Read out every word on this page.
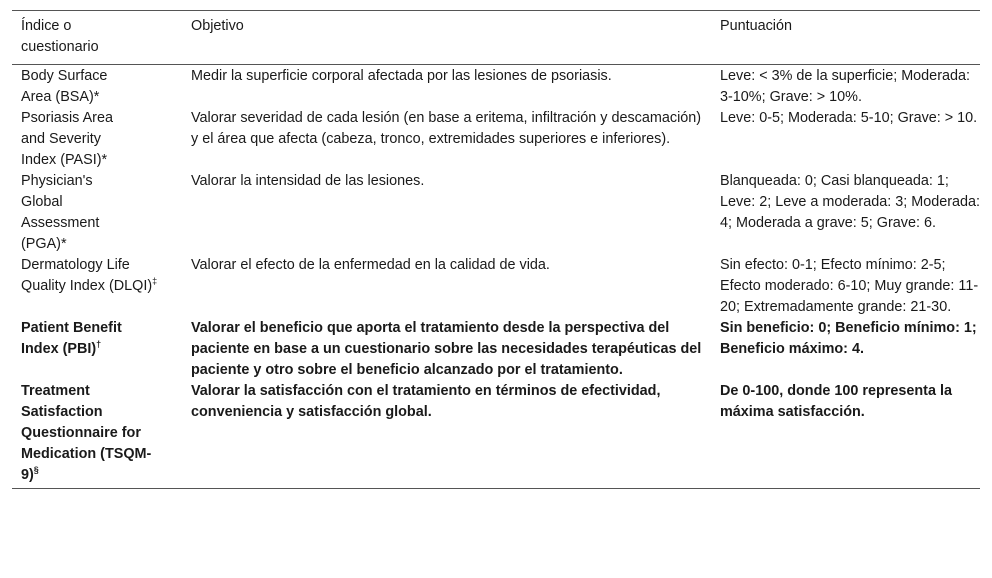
Índice o cuestionario	Objetivo	Puntuación
Body Surface Area (BSA)*	Medir la superficie corporal afectada por las lesiones de psoriasis.	Leve: < 3% de la superficie; Moderada: 3-10%; Grave: > 10%.
Psoriasis Area and Severity Index (PASI)*	Valorar severidad de cada lesión (en base a eritema, infiltración y descamación) y el área que afecta (cabeza, tronco, extremidades superiores e inferiores).	Leve: 0-5; Moderada: 5-10; Grave: > 10.
Physician's Global Assessment (PGA)*	Valorar la intensidad de las lesiones.	Blanqueada: 0; Casi blanqueada: 1; Leve: 2; Leve a moderada: 3; Moderada: 4; Moderada a grave: 5; Grave: 6.

Dermatology Life Quality Index (DLQI)‡	Valorar el efecto de la enfermedad en la calidad de vida.	Sin efecto: 0-1; Efecto mínimo: 2-5; Efecto moderado: 6-10; Muy grande: 11-20; Extremadamente grande: 21-30.
Patient Benefit Index (PBI)†	Valorar el beneficio que aporta el tratamiento desde la perspectiva del paciente en base a un cuestionario sobre las necesidades terapéuticas del paciente y otro sobre el beneficio alcanzado por el tratamiento.	Sin beneficio: 0; Beneficio mínimo: 1; Beneficio máximo: 4.
Treatment Satisfaction Questionnaire for Medication (TSQM-9)§	Valorar la satisfacción con el tratamiento en términos de efectividad, conveniencia y satisfacción global.	De 0-100, donde 100 representa la máxima satisfacción.
